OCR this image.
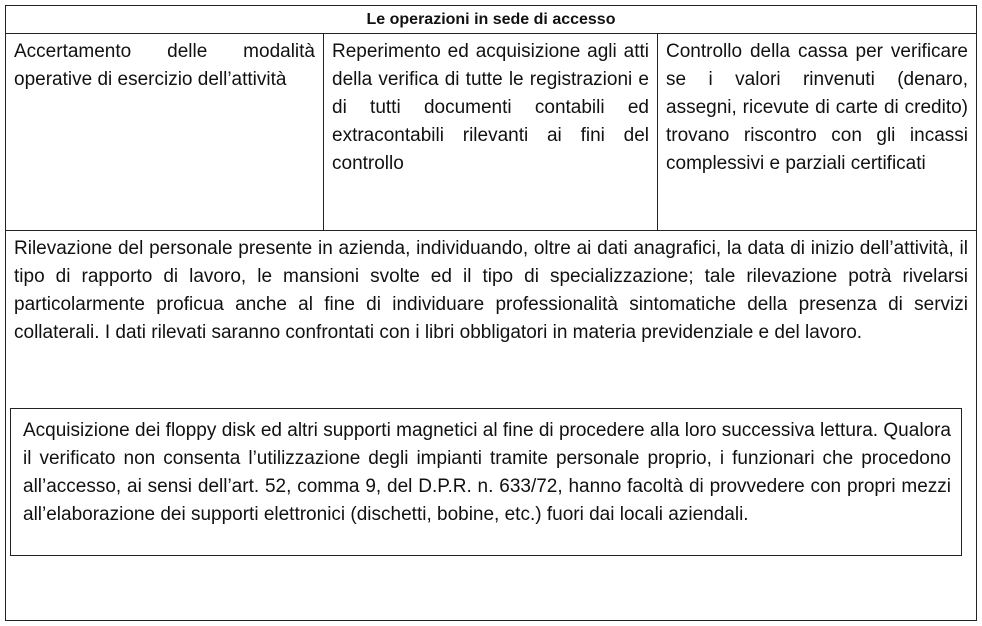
Le operazioni in sede di accesso
Accertamento delle modalità operative di esercizio dell’attività
Reperimento ed acquisizione agli atti della verifica di tutte le registrazioni e di tutti documenti contabili ed extracontabili rilevanti ai fini del controllo
Controllo della cassa per verificare se i valori rinvenuti (denaro, assegni, ricevute di carte di credito) trovano riscontro con gli incassi complessivi e parziali certificati
Rilevazione del personale presente in azienda, individuando, oltre ai dati anagrafici, la data di inizio dell’attività, il tipo di rapporto di lavoro, le mansioni svolte ed il tipo di specializzazione; tale rilevazione potrà rivelarsi particolarmente proficua anche al fine di individuare professionalità sintomatiche della presenza di servizi collaterali. I dati rilevati saranno confrontati con i libri obbligatori in materia previdenziale e del lavoro.
Acquisizione dei floppy disk ed altri supporti magnetici al fine di procedere alla loro successiva lettura. Qualora il verificato non consenta l’utilizzazione degli impianti tramite personale proprio, i funzionari che procedono all’accesso, ai sensi dell’art. 52, comma 9, del D.P.R. n. 633/72, hanno facoltà di provvedere con propri mezzi all’elaborazione dei supporti elettronici (dischetti, bobine, etc.) fuori dai locali aziendali.
